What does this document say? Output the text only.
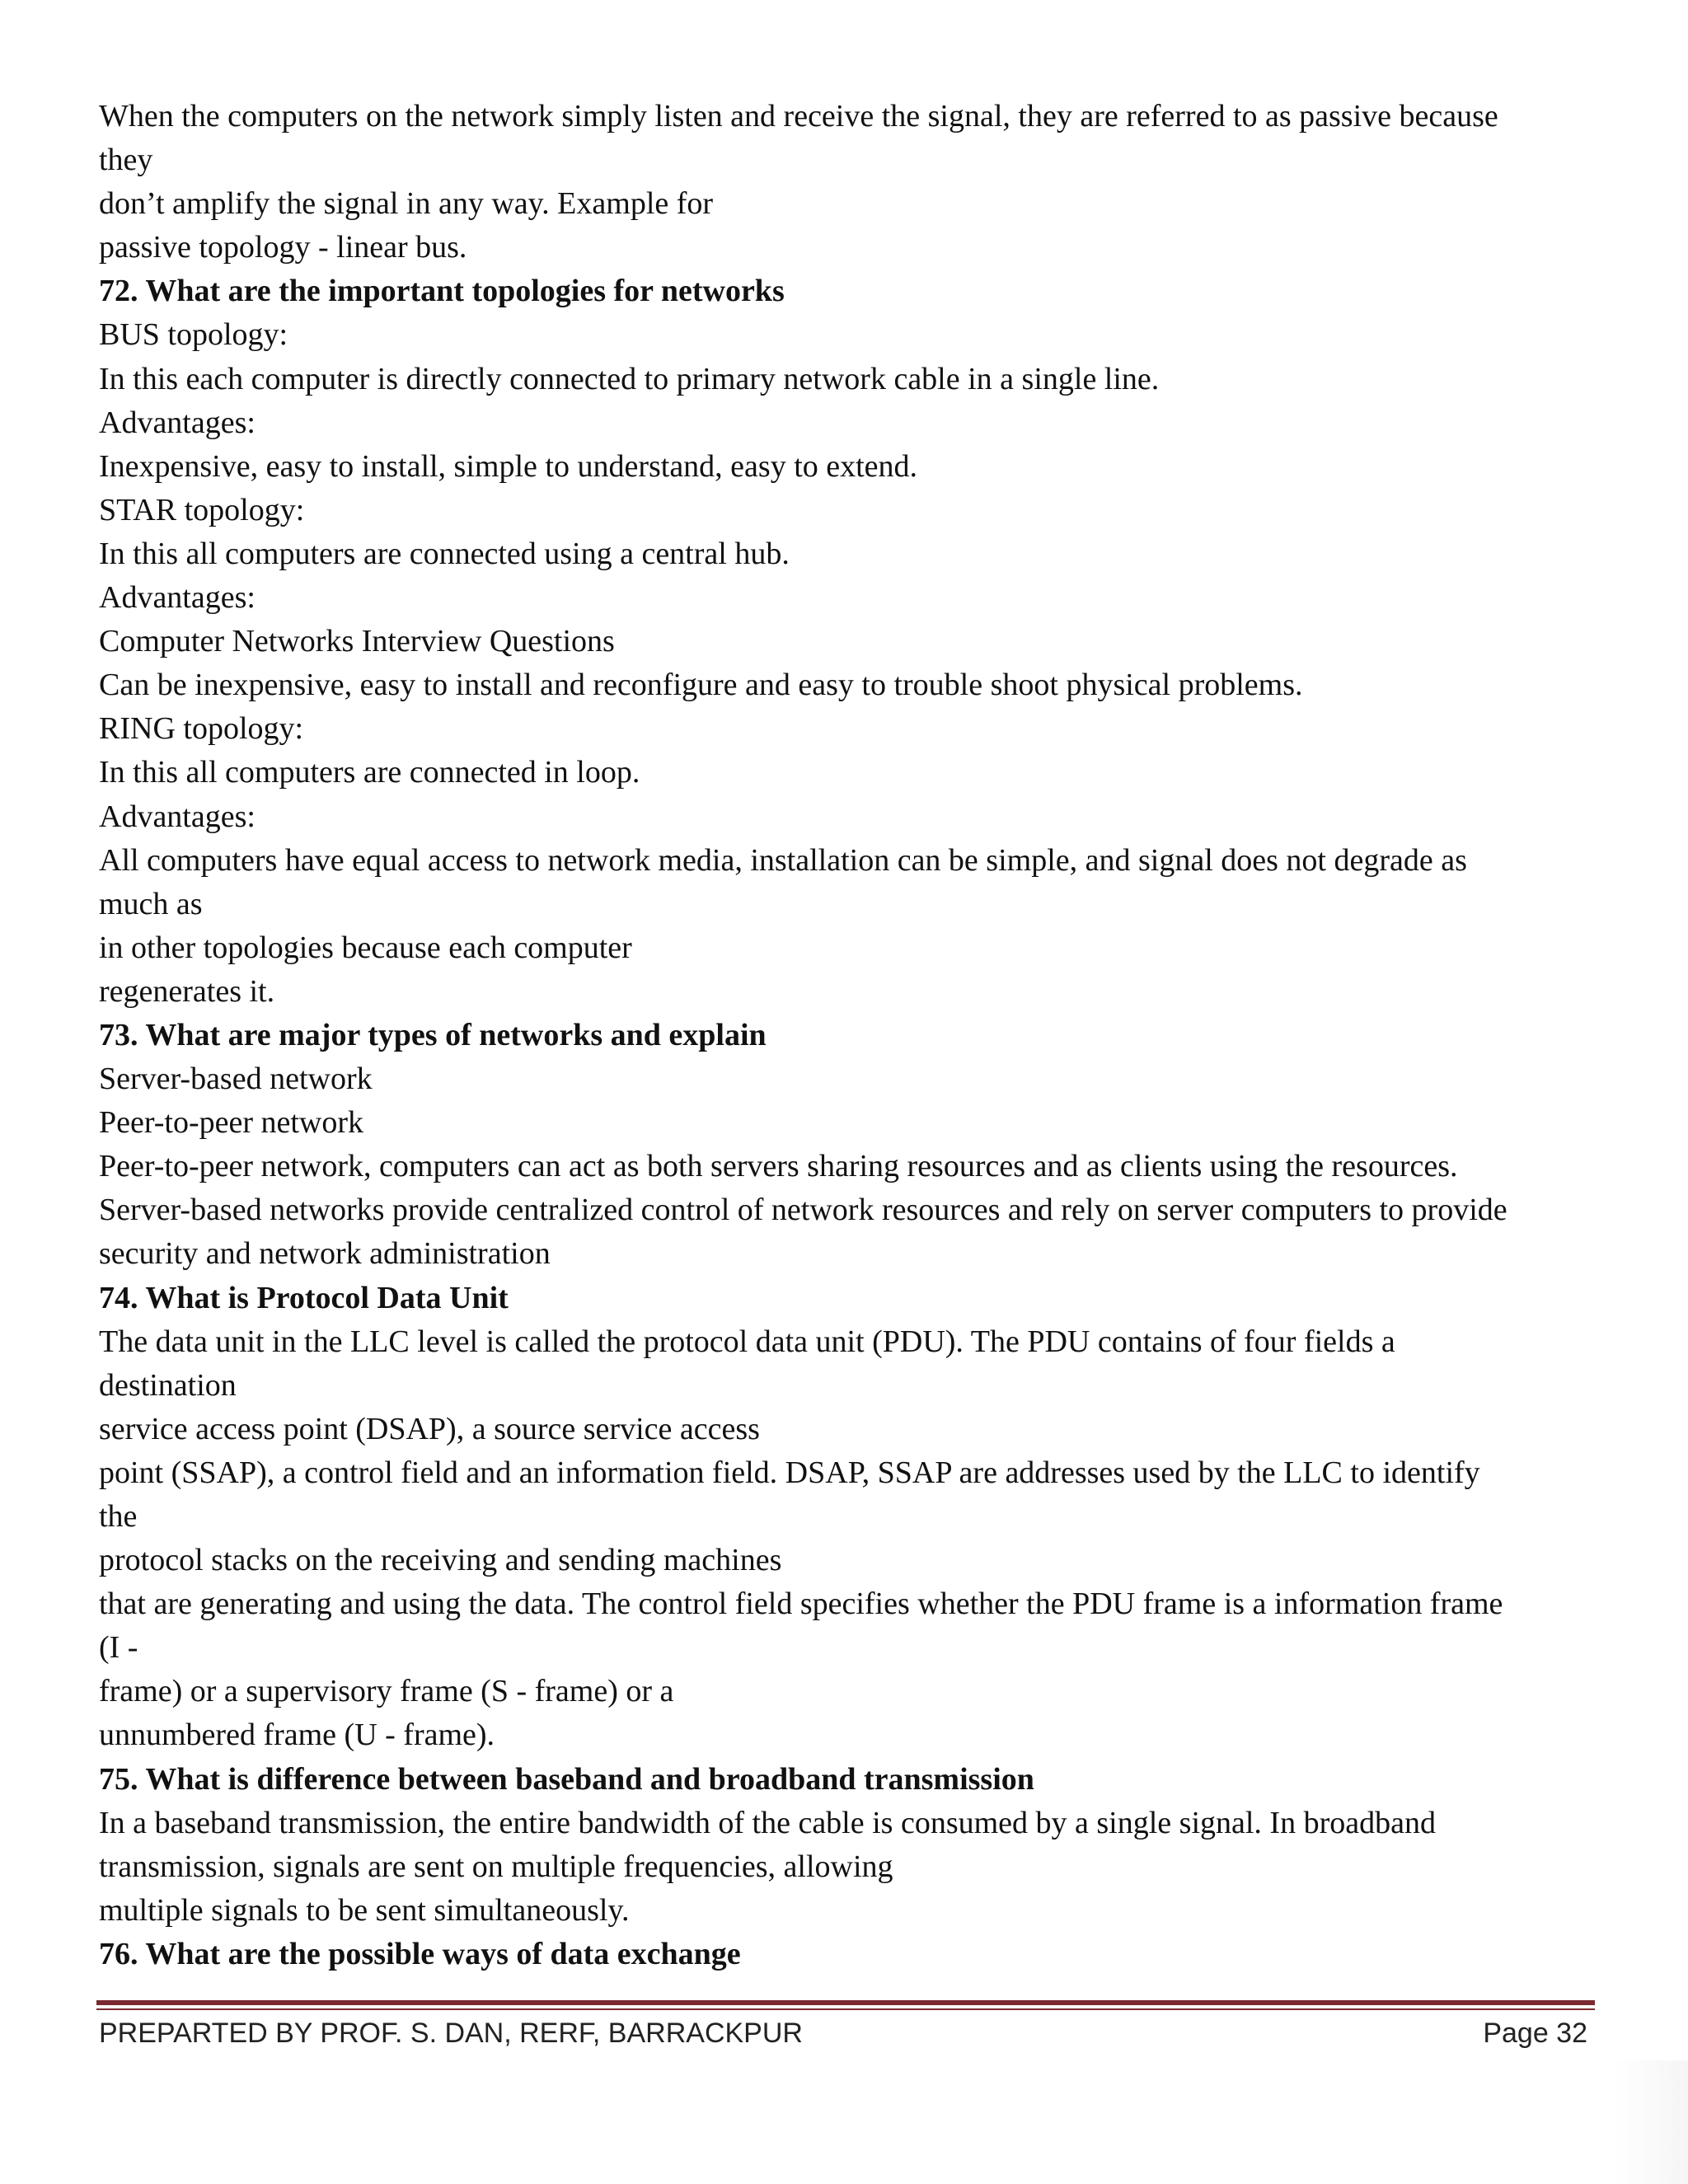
When the computers on the network simply listen and receive the signal, they are referred to as passive because
they
don’t amplify the signal in any way. Example for
passive topology - linear bus.
72. What are the important topologies for networks
BUS topology:
In this each computer is directly connected to primary network cable in a single line.
Advantages:
Inexpensive, easy to install, simple to understand, easy to extend.
STAR topology:
In this all computers are connected using a central hub.
Advantages:
Computer Networks Interview Questions
Can be inexpensive, easy to install and reconfigure and easy to trouble shoot physical problems.
RING topology:
In this all computers are connected in loop.
Advantages:
All computers have equal access to network media, installation can be simple, and signal does not degrade as
much as
in other topologies because each computer
regenerates it.
73. What are major types of networks and explain
Server-based network
Peer-to-peer network
Peer-to-peer network, computers can act as both servers sharing resources and as clients using the resources.
Server-based networks provide centralized control of network resources and rely on server computers to provide
security and network administration
74. What is Protocol Data Unit
The data unit in the LLC level is called the protocol data unit (PDU). The PDU contains of four fields a
destination
service access point (DSAP), a source service access
point (SSAP), a control field and an information field. DSAP, SSAP are addresses used by the LLC to identify
the
protocol stacks on the receiving and sending machines
that are generating and using the data. The control field specifies whether the PDU frame is a information frame
(I -
frame) or a supervisory frame (S - frame) or a
unnumbered frame (U - frame).
75. What is difference between baseband and broadband transmission
In a baseband transmission, the entire bandwidth of the cable is consumed by a single signal. In broadband
transmission, signals are sent on multiple frequencies, allowing
multiple signals to be sent simultaneously.
76. What are the possible ways of data exchange
PREPARTED BY PROF. S. DAN, RERF, BARRACKPUR	Page 32
